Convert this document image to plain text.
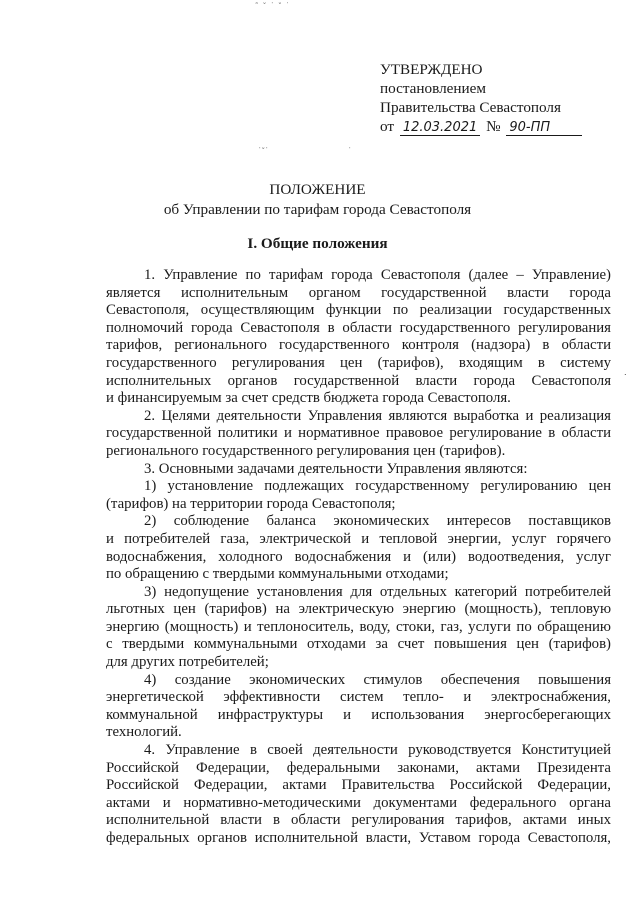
˜ ˘ ˙ ˘ ˙
˙˘˙	˙
.
УТВЕРЖДЕНО
постановлением
Правительства Севастополя
от 12.03.2021 № 90-ПП
ПОЛОЖЕНИЕ
об Управлении по тарифам города Севастополя
I. Общие положения
1. Управление по тарифам города Севастополя (далее – Управление)
является исполнительным органом государственной власти города
Севастополя, осуществляющим функции по реализации государственных
полномочий города Севастополя в области государственного регулирования
тарифов, регионального государственного контроля (надзора) в области
государственного регулирования цен (тарифов), входящим в систему
исполнительных органов государственной власти города Севастополя
и финансируемым за счет средств бюджета города Севастополя.
2. Целями деятельности Управления являются выработка и реализация
государственной политики и нормативное правовое регулирование в области
регионального государственного регулирования цен (тарифов).
3. Основными задачами деятельности Управления являются:
1) установление подлежащих государственному регулированию цен
(тарифов) на территории города Севастополя;
2) соблюдение баланса экономических интересов поставщиков
и потребителей газа, электрической и тепловой энергии, услуг горячего
водоснабжения, холодного водоснабжения и (или) водоотведения, услуг
по обращению с твердыми коммунальными отходами;
3) недопущение установления для отдельных категорий потребителей
льготных цен (тарифов) на электрическую энергию (мощность), тепловую
энергию (мощность) и теплоноситель, воду, стоки, газ, услуги по обращению
с твердыми коммунальными отходами за счет повышения цен (тарифов)
для других потребителей;
4) создание экономических стимулов обеспечения повышения
энергетической эффективности систем тепло- и электроснабжения,
коммунальной инфраструктуры и использования энергосберегающих
технологий.
4. Управление в своей деятельности руководствуется Конституцией
Российской Федерации, федеральными законами, актами Президента
Российской Федерации, актами Правительства Российской Федерации,
актами и нормативно-методическими документами федерального органа
исполнительной власти в области регулирования тарифов, актами иных
федеральных органов исполнительной власти, Уставом города Севастополя,
